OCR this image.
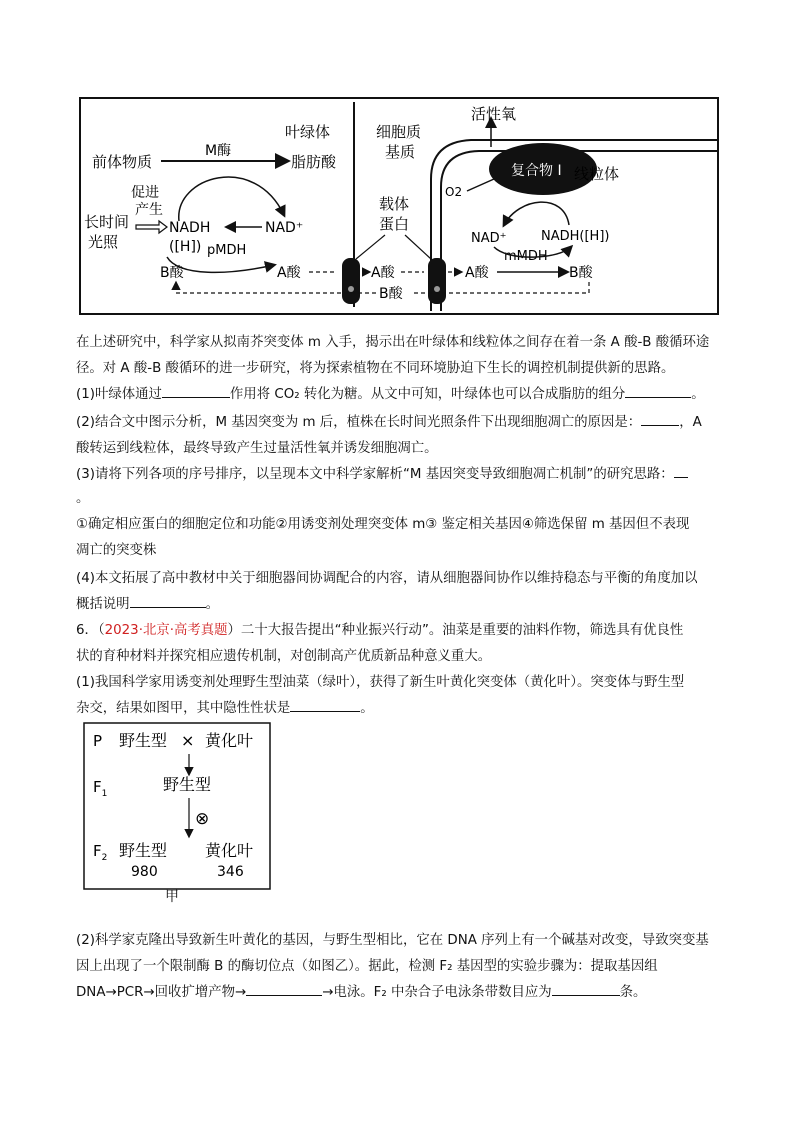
复合物 I
活性氧
O2
叶绿体	细胞质
基质
线粒体
前体物质
M酶
脂肪酸
促进
产生
长时间
光照
NADH
([H])
NAD⁺
pMDH
B酸	A酸	A酸	A酸
mMDH
B酸
B酸
载体
蛋白
NAD⁺	NADH([H])
在上述研究中，科学家从拟南芥突变体 m 入手，揭示出在叶绿体和线粒体之间存在着一条 A 酸-B 酸循环途
径。对 A 酸-B 酸循环的进一步研究，将为探索植物在不同环境胁迫下生长的调控机制提供新的思路。
(1)叶绿体通过	作用将 CO₂ 转化为糖。从文中可知，叶绿体也可以合成脂肪的组分	。
(2)结合文中图示分析，M 基因突变为 m 后，植株在长时间光照条件下出现细胞凋亡的原因是：	，A
酸转运到线粒体，最终导致产生过量活性氧并诱发细胞凋亡。
(3)请将下列各项的序号排序，以呈现本文中科学家解析“M 基因突变导致细胞凋亡机制”的研究思路：
。
①确定相应蛋白的细胞定位和功能②用诱变剂处理突变体 m③ 鉴定相关基因④筛选保留 m 基因但不表现
凋亡的突变株
(4)本文拓展了高中教材中关于细胞器间协调配合的内容，请从细胞器间协作以维持稳态与平衡的角度加以
概括说明	。
6．（2023·北京·高考真题）二十大报告提出“种业振兴行动”。油菜是重要的油料作物，筛选具有优良性
状的育种材料并探究相应遗传机制，对创制高产优质新品种意义重大。
(1)我国科学家用诱变剂处理野生型油菜（绿叶），获得了新生叶黄化突变体（黄化叶）。突变体与野生型
杂交，结果如图甲，其中隐性性状是	。
P 野生型 × 黄化叶
$F_1$	野生型
⊗
$F_2$ 野生型 黄化叶
980	346
甲
(2)科学家克隆出导致新生叶黄化的基因，与野生型相比，它在 DNA 序列上有一个碱基对改变，导致突变基
因上出现了一个限制酶 B 的酶切位点（如图乙）。据此，检测 F₂ 基因型的实验步骤为：提取基因组
DNA→PCR→回收扩增产物→	→电泳。F₂ 中杂合子电泳条带数目应为	条。
